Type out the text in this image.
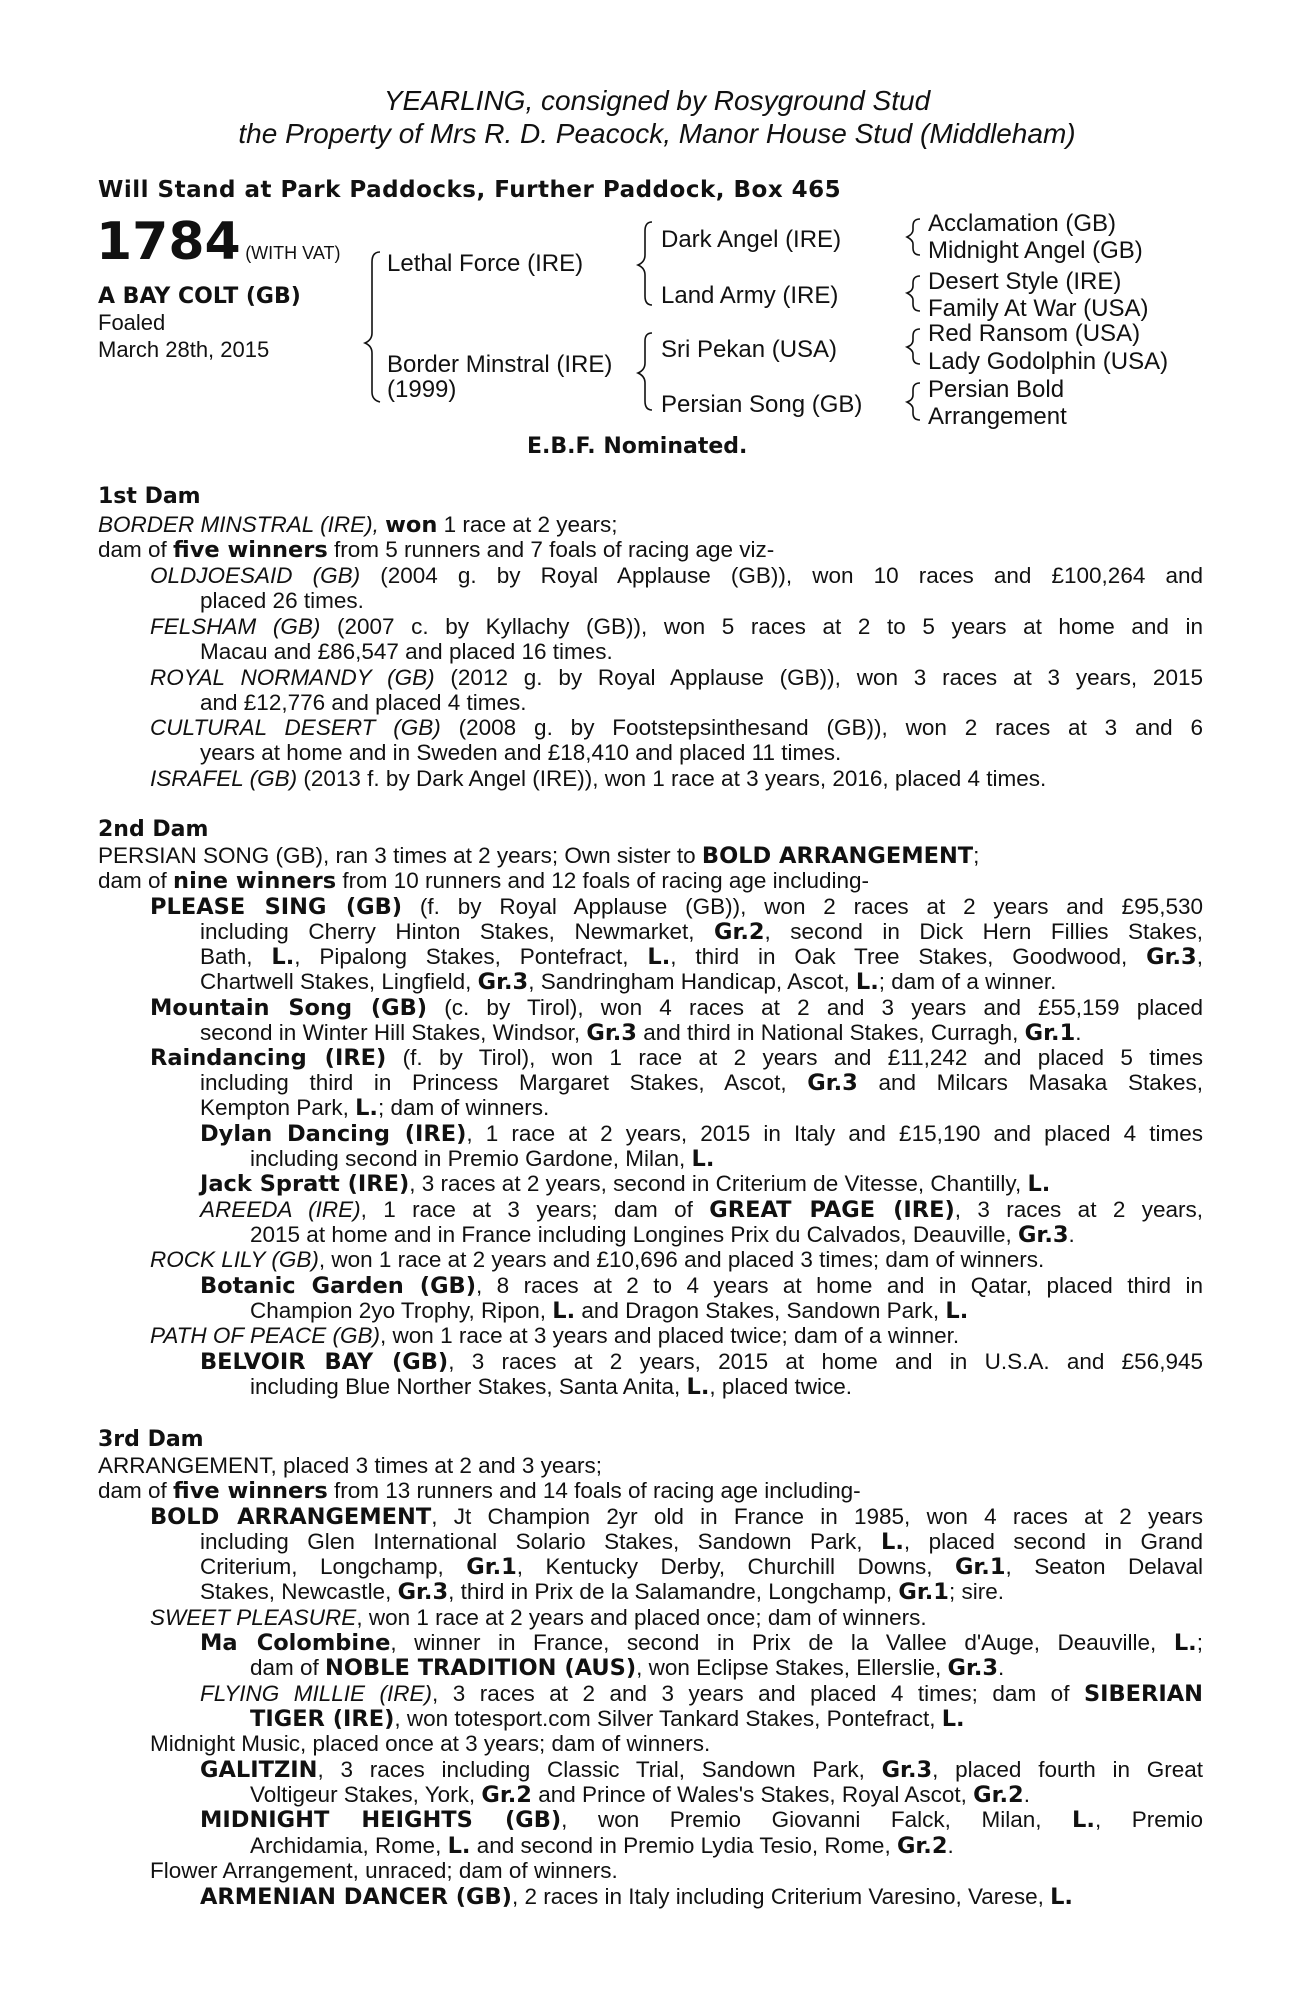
YEARLING, consigned by Rosyground Stud
the Property of Mrs R. D. Peacock, Manor House Stud (Middleham)
Will Stand at Park Paddocks, Further Paddock, Box 465
1784 (WITH VAT)
A BAY COLT (GB)
Foaled
March 28th, 2015
Lethal Force (IRE)
Border Minstral (IRE)
(1999)
Dark Angel (IRE)
Land Army (IRE)
Sri Pekan (USA)
Persian Song (GB)
Acclamation (GB)
Midnight Angel (GB)
Desert Style (IRE)
Family At War (USA)
Red Ransom (USA)
Lady Godolphin (USA)
Persian Bold
Arrangement
E.B.F. Nominated.
1st Dam
BORDER MINSTRAL (IRE), won 1 race at 2 years;
dam of five winners from 5 runners and 7 foals of racing age viz-
OLDJOESAID (GB) (2004 g. by Royal Applause (GB)), won 10 races and £100,264 and
placed 26 times.
FELSHAM (GB) (2007 c. by Kyllachy (GB)), won 5 races at 2 to 5 years at home and in
Macau and £86,547 and placed 16 times.
ROYAL NORMANDY (GB) (2012 g. by Royal Applause (GB)), won 3 races at 3 years, 2015
and £12,776 and placed 4 times.
CULTURAL DESERT (GB) (2008 g. by Footstepsinthesand (GB)), won 2 races at 3 and 6
years at home and in Sweden and £18,410 and placed 11 times.
ISRAFEL (GB) (2013 f. by Dark Angel (IRE)), won 1 race at 3 years, 2016, placed 4 times.
2nd Dam
PERSIAN SONG (GB), ran 3 times at 2 years; Own sister to BOLD ARRANGEMENT;
dam of nine winners from 10 runners and 12 foals of racing age including-
PLEASE SING (GB) (f. by Royal Applause (GB)), won 2 races at 2 years and £95,530
including Cherry Hinton Stakes, Newmarket, Gr.2, second in Dick Hern Fillies Stakes,
Bath, L., Pipalong Stakes, Pontefract, L., third in Oak Tree Stakes, Goodwood, Gr.3,
Chartwell Stakes, Lingfield, Gr.3, Sandringham Handicap, Ascot, L.; dam of a winner.
Mountain Song (GB) (c. by Tirol), won 4 races at 2 and 3 years and £55,159 placed
second in Winter Hill Stakes, Windsor, Gr.3 and third in National Stakes, Curragh, Gr.1.
Raindancing (IRE) (f. by Tirol), won 1 race at 2 years and £11,242 and placed 5 times
including third in Princess Margaret Stakes, Ascot, Gr.3 and Milcars Masaka Stakes,
Kempton Park, L.; dam of winners.
Dylan Dancing (IRE), 1 race at 2 years, 2015 in Italy and £15,190 and placed 4 times
including second in Premio Gardone, Milan, L.
Jack Spratt (IRE), 3 races at 2 years, second in Criterium de Vitesse, Chantilly, L.
AREEDA (IRE), 1 race at 3 years; dam of GREAT PAGE (IRE), 3 races at 2 years,
2015 at home and in France including Longines Prix du Calvados, Deauville, Gr.3.
ROCK LILY (GB), won 1 race at 2 years and £10,696 and placed 3 times; dam of winners.
Botanic Garden (GB), 8 races at 2 to 4 years at home and in Qatar, placed third in
Champion 2yo Trophy, Ripon, L. and Dragon Stakes, Sandown Park, L.
PATH OF PEACE (GB), won 1 race at 3 years and placed twice; dam of a winner.
BELVOIR BAY (GB), 3 races at 2 years, 2015 at home and in U.S.A. and £56,945
including Blue Norther Stakes, Santa Anita, L., placed twice.
3rd Dam
ARRANGEMENT, placed 3 times at 2 and 3 years;
dam of five winners from 13 runners and 14 foals of racing age including-
BOLD ARRANGEMENT, Jt Champion 2yr old in France in 1985, won 4 races at 2 years
including Glen International Solario Stakes, Sandown Park, L., placed second in Grand
Criterium, Longchamp, Gr.1, Kentucky Derby, Churchill Downs, Gr.1, Seaton Delaval
Stakes, Newcastle, Gr.3, third in Prix de la Salamandre, Longchamp, Gr.1; sire.
SWEET PLEASURE, won 1 race at 2 years and placed once; dam of winners.
Ma Colombine, winner in France, second in Prix de la Vallee d'Auge, Deauville, L.;
dam of NOBLE TRADITION (AUS), won Eclipse Stakes, Ellerslie, Gr.3.
FLYING MILLIE (IRE), 3 races at 2 and 3 years and placed 4 times; dam of SIBERIAN
TIGER (IRE), won totesport.com Silver Tankard Stakes, Pontefract, L.
Midnight Music, placed once at 3 years; dam of winners.
GALITZIN, 3 races including Classic Trial, Sandown Park, Gr.3, placed fourth in Great
Voltigeur Stakes, York, Gr.2 and Prince of Wales's Stakes, Royal Ascot, Gr.2.
MIDNIGHT HEIGHTS (GB), won Premio Giovanni Falck, Milan, L., Premio
Archidamia, Rome, L. and second in Premio Lydia Tesio, Rome, Gr.2.
Flower Arrangement, unraced; dam of winners.
ARMENIAN DANCER (GB), 2 races in Italy including Criterium Varesino, Varese, L.
